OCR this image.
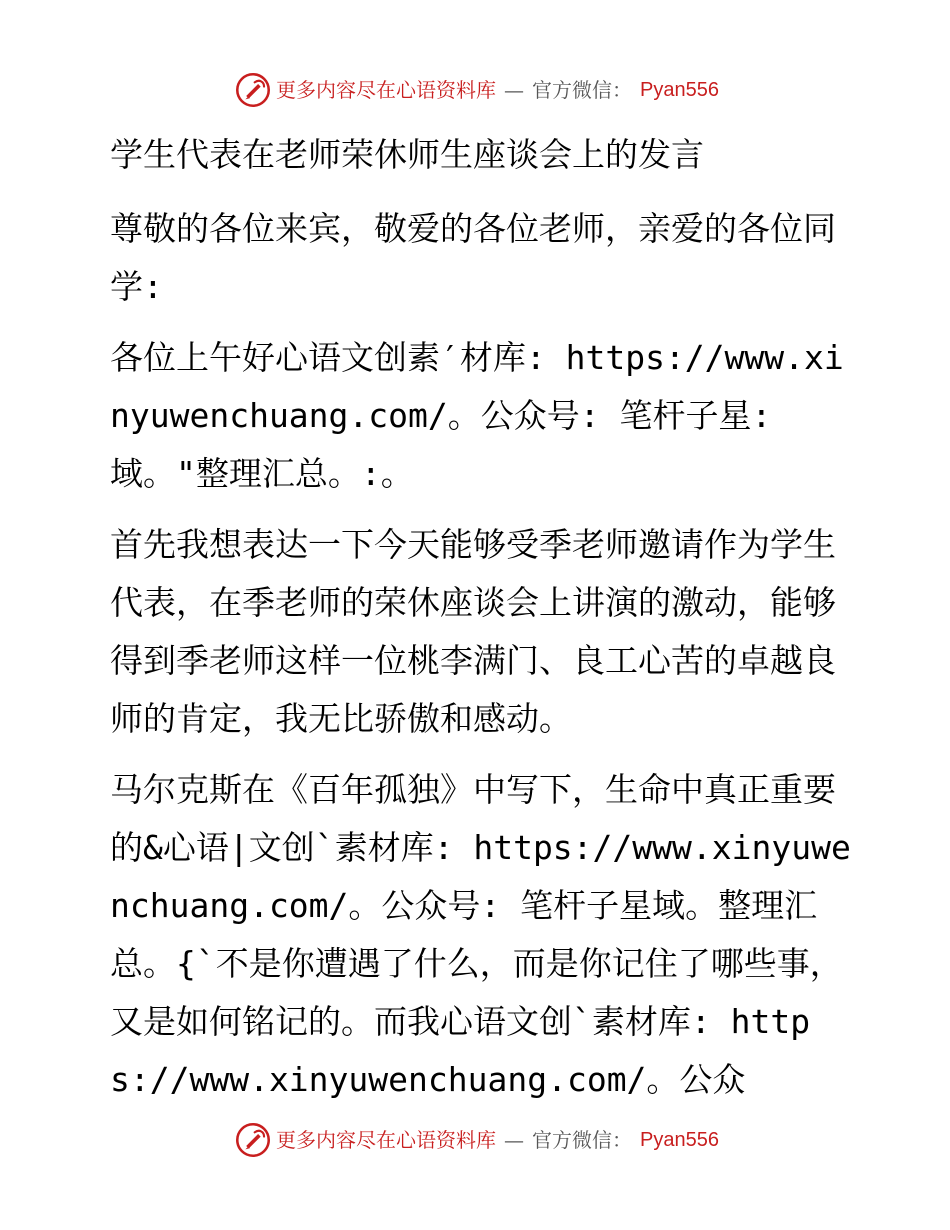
更多内容尽在心语资料库 — 官方微信： Pyan556
学生代表在老师荣休师生座谈会上的发言
尊敬的各位来宾，敬爱的各位老师，亲爱的各位同学:
各位上午好心语文创素′材库: https://www.xinyuwenchuang.com/。公众号: 笔杆子星:域。"整理汇总。:。
首先我想表达一下今天能够受季老师邀请作为学生代表，在季老师的荣休座谈会上讲演的激动，能够得到季老师这样一位桃李满门、良工心苦的卓越良师的肯定，我无比骄傲和感动。
马尔克斯在《百年孤独》中写下，生命中真正重要的&心语|文创`素材库: https://www.xinyuwenchuang.com/。公众号: 笔杆子星域。整理汇总。{`不是你遭遇了什么，而是你记住了哪些事，又是如何铭记的。而我心语文创`素材库: https://www.xinyuwenchuang.com/。公众
更多内容尽在心语资料库 — 官方微信： Pyan556
